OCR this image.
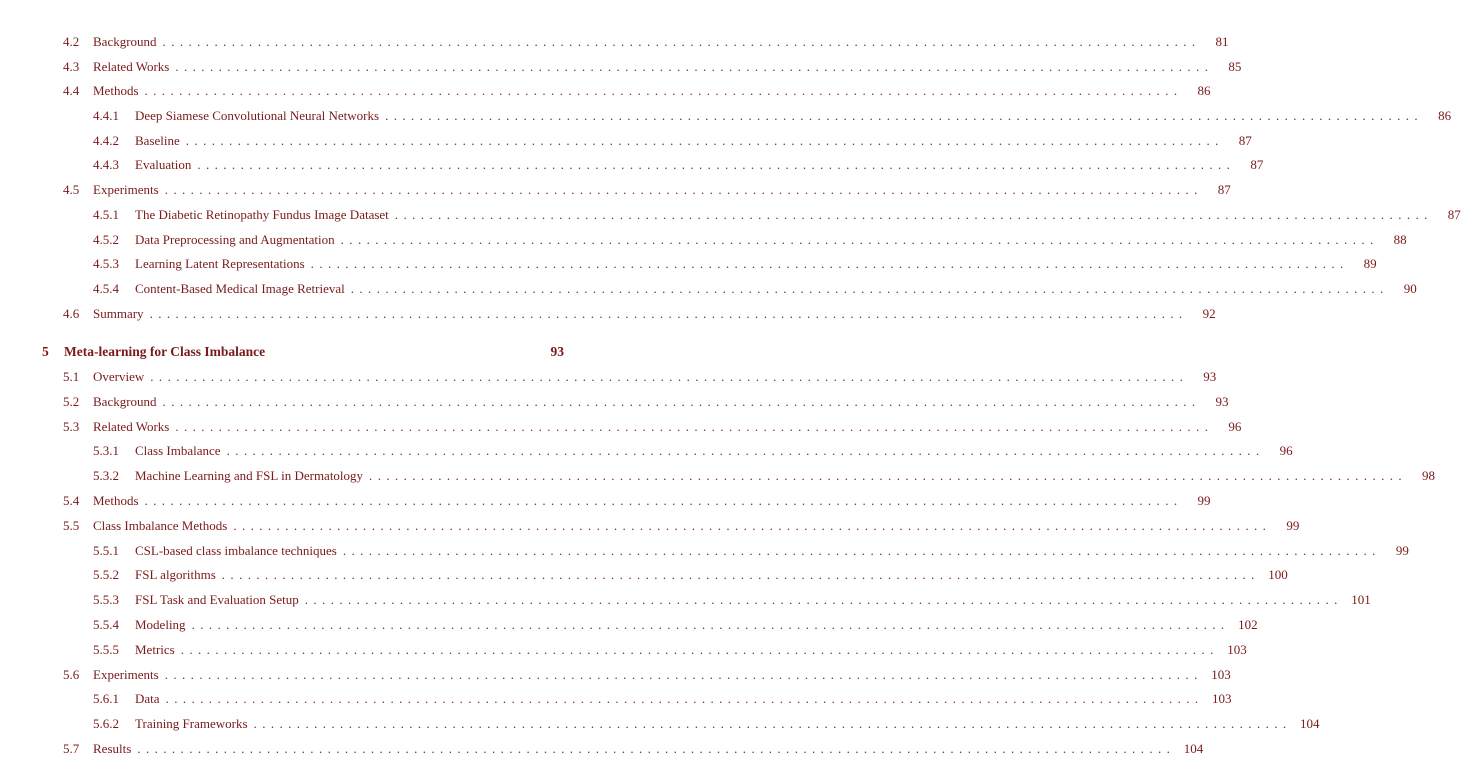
4.2	Background ........................................................................................................................	81
4.3	Related Works ........................................................................................................................	85
4.4	Methods ........................................................................................................................	86
4.4.1	Deep Siamese Convolutional Neural Networks ........................................................................................................................	86
4.4.2	Baseline ........................................................................................................................	87
4.4.3	Evaluation ........................................................................................................................	87
4.5	Experiments ........................................................................................................................	87
4.5.1	The Diabetic Retinopathy Fundus Image Dataset ........................................................................................................................	87
4.5.2	Data Preprocessing and Augmentation ........................................................................................................................	88
4.5.3	Learning Latent Representations ........................................................................................................................	89
4.5.4	Content-Based Medical Image Retrieval ........................................................................................................................	90
4.6	Summary ........................................................................................................................	92
5	Meta-learning for Class Imbalance	93
5.1	Overview ........................................................................................................................	93
5.2	Background ........................................................................................................................	93
5.3	Related Works ........................................................................................................................	96
5.3.1	Class Imbalance ........................................................................................................................	96
5.3.2	Machine Learning and FSL in Dermatology ........................................................................................................................	98
5.4	Methods ........................................................................................................................	99
5.5	Class Imbalance Methods ........................................................................................................................	99
5.5.1	CSL-based class imbalance techniques ........................................................................................................................	99
5.5.2	FSL algorithms ........................................................................................................................ 100
5.5.3	FSL Task and Evaluation Setup ........................................................................................................................ 101
5.5.4	Modeling ........................................................................................................................ 102
5.5.5	Metrics ........................................................................................................................ 103
5.6	Experiments ........................................................................................................................ 103
5.6.1	Data ........................................................................................................................ 103
5.6.2	Training Frameworks ........................................................................................................................ 104
5.7	Results ........................................................................................................................ 104
